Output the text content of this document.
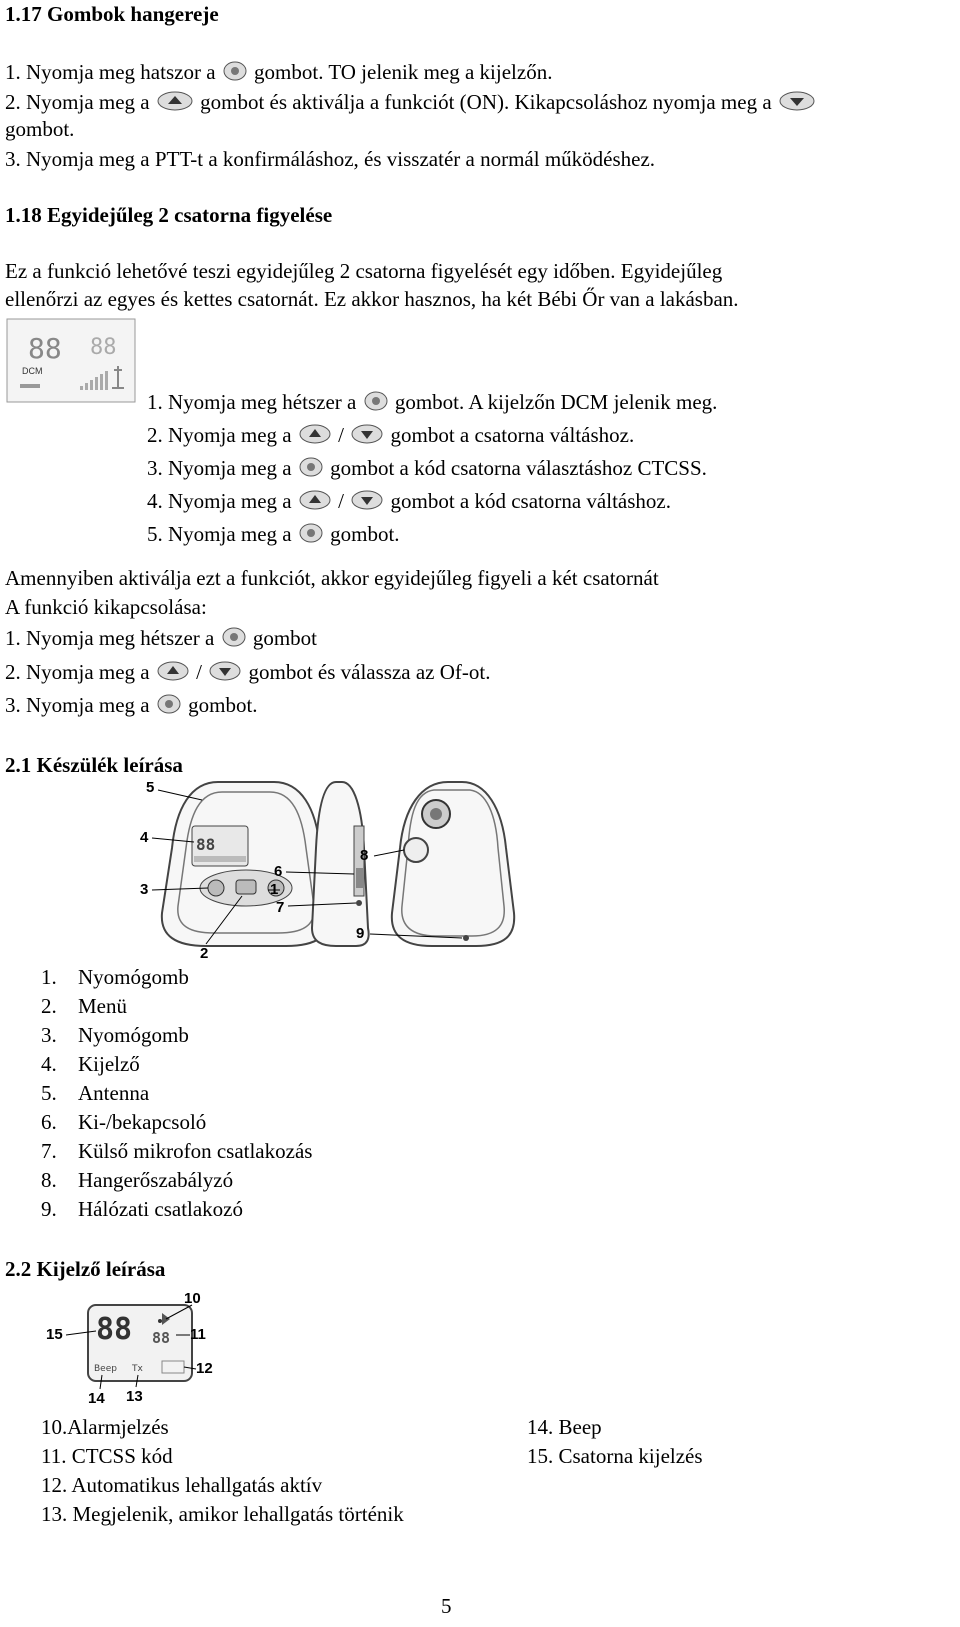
1.17 Gombok hangereje
1. Nyomja meg hatszor a gombot. TO jelenik meg a kijelzőn.
2. Nyomja meg a gombot és aktiválja a funkciót (ON). Kikapcsoláshoz nyomja meg a
gombot.
3. Nyomja meg a PTT-t a konfirmáláshoz, és visszatér a normál működéshez.
1.18 Egyidejűleg 2 csatorna figyelése
Ez a funkció lehetővé teszi egyidejűleg 2 csatorna figyelését egy időben. Egyidejűleg
ellenőrzi az egyes és kettes csatornát. Ez akkor hasznos, ha két Bébi Őr van a lakásban.
88 88
DCM
1. Nyomja meg hétszer a gombot. A kijelzőn DCM jelenik meg.
2. Nyomja meg a / gombot a csatorna váltáshoz.
3. Nyomja meg a gombot a kód csatorna választáshoz CTCSS.
4. Nyomja meg a / gombot a kód csatorna váltáshoz.
5. Nyomja meg a gombot.
Amennyiben aktiválja ezt a funkciót, akkor egyidejűleg figyeli a két csatornát
A funkció kikapcsolása:
1. Nyomja meg hétszer a gombot
2. Nyomja meg a / gombot és válassza az Of-ot.
3. Nyomja meg a gombot.
2.1 Készülék leírása
88
5
4
3	1
2
6
7
8
9
1. Nyomógomb
2. Menü
3. Nyomógomb
4. Kijelző
5. Antenna
6. Ki-/bekapcsoló
7. Külső mikrofon csatlakozás
8. Hangerőszabályzó
9. Hálózati csatlakozó
2.2 Kijelző leírása
88 88
Beep Tx
10
11
12
13
14
15
10.Alarmjelzés
11. CTCSS kód
12. Automatikus lehallgatás aktív
13. Megjelenik, amikor lehallgatás történik
14. Beep
15. Csatorna kijelzés
5
